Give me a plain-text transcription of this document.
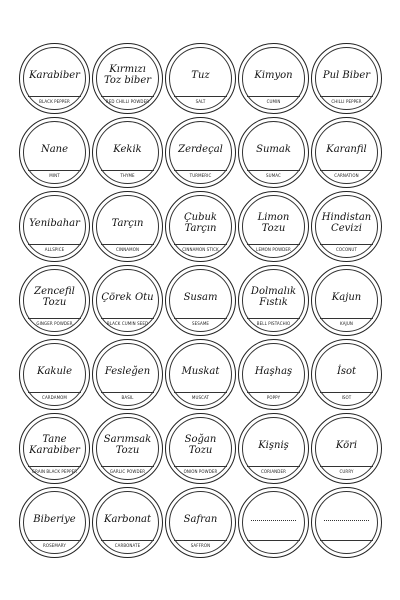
Karabiber
BLACK PEPPER
Kırmızı
Toz biber
RED CHILLI POWDER
Tuz
SALT
Kimyon
CUMIN
Pul Biber
CHILLI PEPPER
Nane
MINT
Kekik
THYME
Zerdeçal
TURMERIC
Sumak
SUMAC
Karanfil
CARNATION
Yenibahar
ALLSPICE
Tarçın
CINNAMON
Çubuk Tarçın
CINNAMON STICK
Limon Tozu
LEMON POWDER
Hindistan
Cevizi
COCONUT
Zencefil Tozu
GINGER POWDER
Çörek Otu
BLACK CUMIN SEED
Susam
SESAME
Dolmalık
Fıstık
BELL PISTACHIO
Kajun
KAJUN
Kakule
CARDAMOM
Fesleğen
BASIL
Muskat
MUSCAT
Haşhaş
POPPY
İsot
ISOT
Tane
Karabiber
GRAIN BLACK PEPPER
Sarımsak
Tozu
GARLIC POWDER
Soğan Tozu
ONION POWDER
Kişniş
CORIANDER
Köri
CURRY
Biberiye
ROSEMARY
Karbonat
CARBONATE
Safran
SAFFRON
